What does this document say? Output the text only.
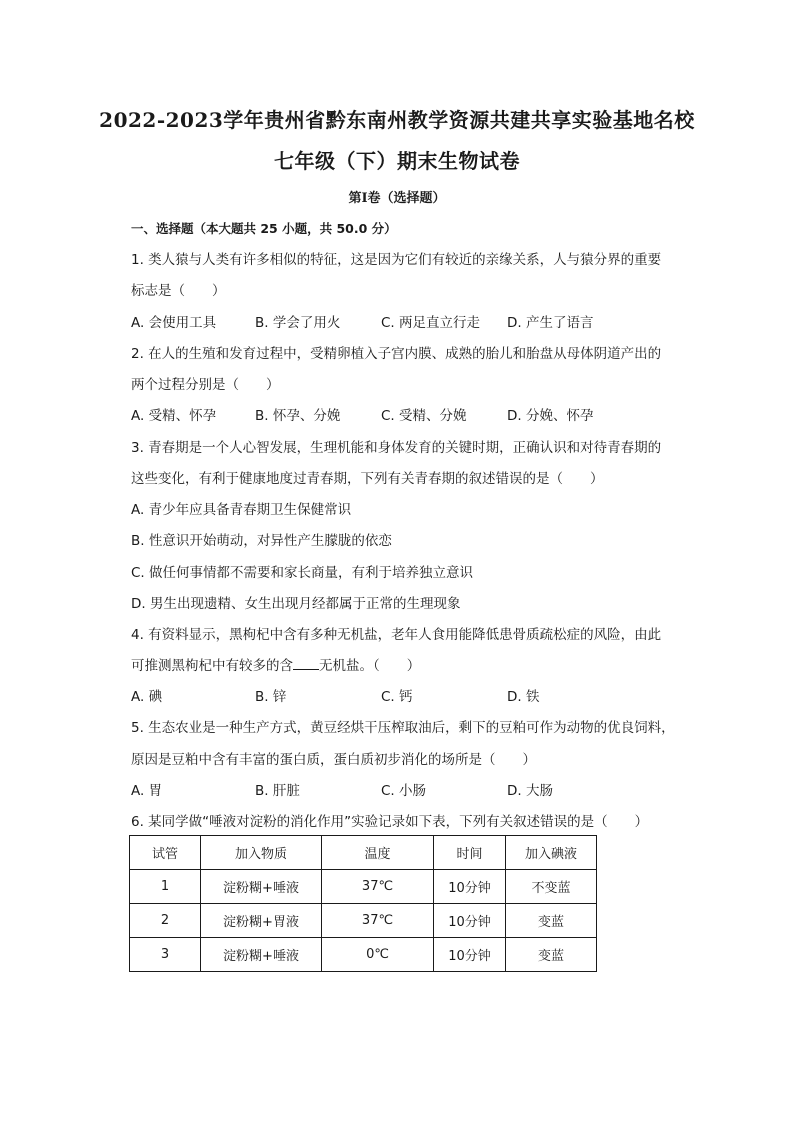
2022-2023学年贵州省黔东南州教学资源共建共享实验基地名校
七年级（下）期末生物试卷
第Ⅰ卷（选择题）
一、选择题（本大题共 25 小题，共 50.0 分）
1. 类人猿与人类有许多相似的特征，这是因为它们有较近的亲缘关系，人与猿分界的重要
标志是（　　）
A. 会使用工具	B. 学会了用火	C. 两足直立行走 D. 产生了语言
2. 在人的生殖和发育过程中，受精卵植入子宫内膜、成熟的胎儿和胎盘从母体阴道产出的
两个过程分别是（　　）
A. 受精、怀孕	B. 怀孕、分娩	C. 受精、分娩	D. 分娩、怀孕
3. 青春期是一个人心智发展，生理机能和身体发育的关键时期，正确认识和对待青春期的
这些变化，有利于健康地度过青春期，下列有关青春期的叙述错误的是（　　）
A. 青少年应具备青春期卫生保健常识
B. 性意识开始萌动，对异性产生朦胧的依恋
C. 做任何事情都不需要和家长商量，有利于培养独立意识
D. 男生出现遗精、女生出现月经都属于正常的生理现象
4. 有资料显示，黑枸杞中含有多种无机盐，老年人食用能降低患骨质疏松症的风险，由此
可推测黑枸杞中有较多的含 无机盐。（　　）
A. 碘	B. 锌	C. 钙	D. 铁
5. 生态农业是一种生产方式，黄豆经烘干压榨取油后，剩下的豆粕可作为动物的优良饲料，
原因是豆粕中含有丰富的蛋白质，蛋白质初步消化的场所是（　　）
A. 胃	B. 肝脏	C. 小肠	D. 大肠
6. 某同学做“唾液对淀粉的消化作用”实验记录如下表，下列有关叙述错误的是（　　）
试管	加入物质	温度	时间	加入碘液
1	淀粉糊+唾液	37℃	10分钟	不变蓝
2	淀粉糊+胃液	37℃	10分钟	变蓝
3	淀粉糊+唾液	0℃	10分钟	变蓝
